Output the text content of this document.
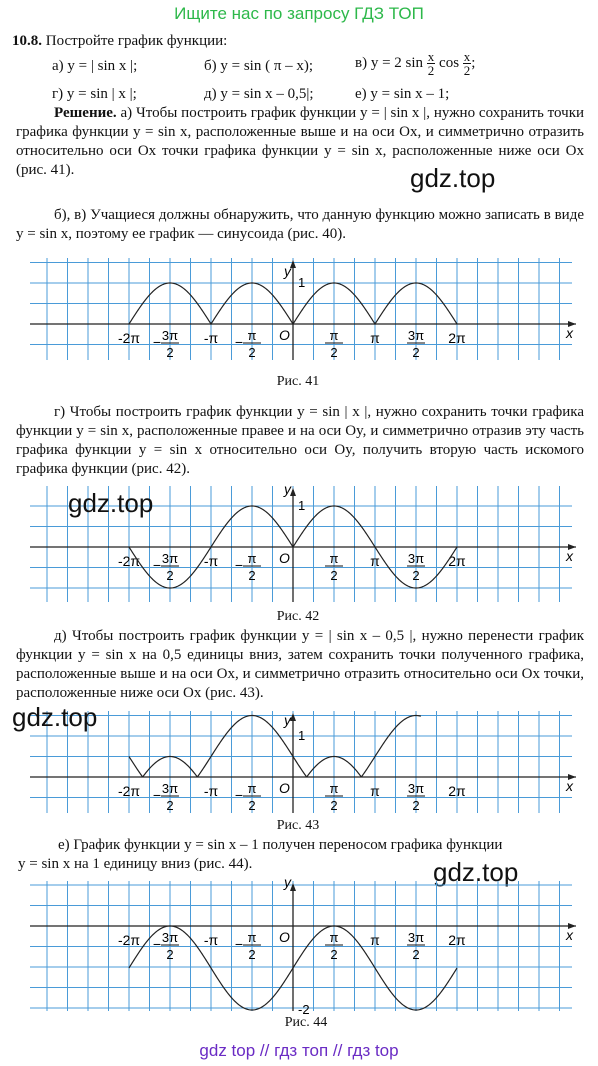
Ищите нас по запросу ГДЗ ТОП
10.8. Постройте график функции:
а) y = | sin x |;	б) y = sin ( π – x);	в) y = 2 $\sin \frac{x}{2}$ $\cos \frac{x}{2}$ ;
г) y = sin | x |;	д) y = sin x – 0,5|;	е) y = sin x – 1;
Решение. а) Чтобы построить график функции y = | sin x |, нужно сохранить точки графика функции y = sin x, расположенные выше и на оси Ox, и симметрично отразить относительно оси Ox точки графика функции y = sin x, расположенные ниже оси Ox (рис. 41).	gdz.top
б), в) Учащиеся должны обнаружить, что данную функцию можно записать в виде y = sin x, поэтому ее график — синусоида (рис. 40).
x
y
O
1
-2π − 3π
2
-π − π
2
π
2
π 3π
2
2π
Рис. 41
г) Чтобы построить график функции y = sin | x |, нужно сохранить точки графика функции y = sin x, расположенные правее и на оси Oy, и симметрично отразив эту часть графика функции y = sin x относительно оси Oy, получить вторую часть искомого графика функции (рис. 42).
x
y
O
1
-2π − 3π
2
-π − π
2
π
2
π 3π
2
2π
gdz.top
Рис. 42
д) Чтобы построить график функции y = | sin x – 0,5 |, нужно перенести график функции y = sin x на 0,5 единицы вниз, затем сохранить точки полученного графика, расположенные выше и на оси Ox, и симметрично отразить относительно оси Ox точки, расположенные ниже оси Ox (рис. 43).
x
y
O
1
-2π − 3π
2
-π − π
2
π
2
π 3π
2
2π
gdz.top
Рис. 43
е) График функции y = sin x – 1 получен переносом графика функции
y = sin x на 1 единицу вниз (рис. 44).	gdz.top
x
y
O
-2
-2π − 3π
2
-π − π
2
π
2
π 3π
2
2π
Рис. 44
gdz top // гдз топ // гдз top
